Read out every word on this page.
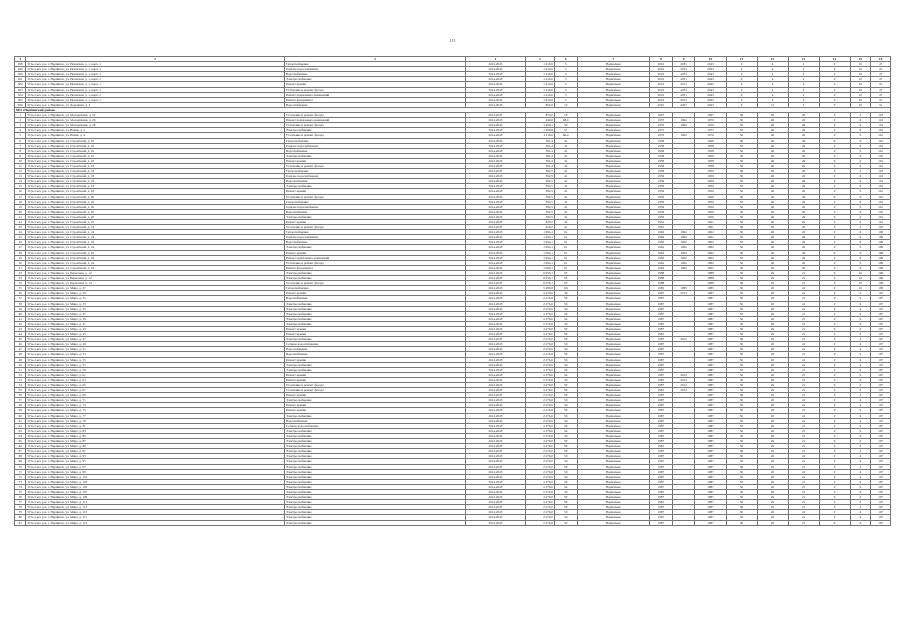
113
1	2	3	4	5	6	7	8	9	10	11	12	13	14	15	16
298	Усть-Сыл. р-н, г. Нерпинск, ул. Рязанская, д. 1, корп. 1	Теплоснабжение	2014-2043	1 619,0	3	Нормально	2016	2031	2043	0	4	2	0	10	47
299	Усть-Сыл. р-н, г. Нерпинск, ул. Рязанская, д. 1, корп. 1	Горячее водоснабжение	2014-2043	1 619,0	3	Нормально	2016	2031	2043	0	4	2	0	10	47
300	Усть-Сыл. р-н, г. Нерпинск, ул. Рязанская, д. 1, корп. 1	Водоснабжение	2014-2043	1 619,0	3	Нормально	2016	2031	2043	0	4	2	0	10	47
301	Усть-Сыл. р-н, г. Нерпинск, ул. Рязанская, д. 1, корп. 1	Электроснабжение	2014-2043	1 619,0	3	Нормально	2016	2031	2043	0	4	2	0	10	47
302	Усть-Сыл. р-н, г. Нерпинск, ул. Рязанская, д. 1, корп. 1	Ремонт крыши	2014-2043	1 619,0	3	Нормально	2016	2031	2043	0	4	2	0	10	47
303	Усть-Сыл. р-н, г. Нерпинск, ул. Рязанская, д. 1, корп. 1	Утепление и ремонт фасада	2014-2043	1 619,0	3	Нормально	2016	2031	2043	0	4	2	0	10	47
304	Усть-Сыл. р-н, г. Нерпинск, ул. Рязанская, д. 1, корп. 1	Ремонт подвальных помещений	2014-2043	1 619,0	3	Нормально	2016	2031	2043	0	4	2	0	10	47
305	Усть-Сыл. р-н, г. Нерпинск, ул. Рязанская, д. 1, корп. 1	Ремонт фундамента	2014-2043	1 619,0	3	Нормально	2016	2031	2043	0	4	2	0	10	47
306	Усть-Сыл. р-н, г. Нерпинск, ул. Дорожная, д. 4	Водоснабжение	2014-2043	862,6	10	Нормально	2001	2007	2043	0	12	1	0	10	31
МО «Нерпинский район»															
1	Усть-Сыл. р-н, г. Нерпинск, ул. Молодёжная, д. 24	Утепление и ремонт фасада	2014-2043	870,0	18	Нормально	1967		1967	50	40	26	0	0	116
2	Усть-Сыл. р-н, г. Нерпинск, ул. Молодёжная, д. 26	Ремонт подвальных помещений	2014-2043	440,0	68,4	Нормально	1970	1962	1970	50	40	26	0	0	116
3	Усть-Сыл. р-н, г. Нерпинск, ул. Молодёжная, д. 28	Утепление и ремонт фасада	2014-2043	1 460,1	50	Нормально	1970	1962	1970	50	40	26	0	0	116
4	Усть-Сыл. р-н, г. Нерпинск, ул. Новая, д. 2	Электроснабжение	2014-2043	1 000,8	57	Нормально	1975		1975	50	40	26	0	0	116
5	Усть-Сыл. р-н, г. Нерпинск, ул. Новая, д. 4	Утепление и ремонт фасада	2014-2043	1 118,0	66,4	Нормально	1976	1962	1976	50	40	26	0	0	116
6	Усть-Сыл. р-н, г. Нерпинск, ул. Строителей, д. 16	Теплоснабжение	2014-2043	391,4	41	Нормально	1958		1958	50	40	26	0	0	116
7	Усть-Сыл. р-н, г. Нерпинск, ул. Строителей, д. 16	Горячее водоснабжение	2014-2043	391,4	41	Нормально	1958		1958	50	40	26	0	0	116
8	Усть-Сыл. р-н, г. Нерпинск, ул. Строителей, д. 16	Водоснабжение	2014-2043	391,4	41	Нормально	1958		1958	50	40	26	0	0	116
9	Усть-Сыл. р-н, г. Нерпинск, ул. Строителей, д. 16	Электроснабжение	2014-2043	391,4	41	Нормально	1958		1958	50	40	26	0	0	116
10	Усть-Сыл. р-н, г. Нерпинск, ул. Строителей, д. 16	Ремонт крыши	2014-2043	391,4	41	Нормально	1958		1958	50	40	26	0	0	116
11	Усть-Сыл. р-н, г. Нерпинск, ул. Строителей, д. 18	Утепление и ремонт фасада	2014-2043	391,4	41	Нормально	1958		1958	50	40	26	0	0	116
12	Усть-Сыл. р-н, г. Нерпинск, ул. Строителей, д. 18	Теплоснабжение	2014-2043	392,5	41	Нормально	1959		1959	50	40	26	0	0	116
13	Усть-Сыл. р-н, г. Нерпинск, ул. Строителей, д. 18	Горячее водоснабжение	2014-2043	392,5	41	Нормально	1959		1959	50	40	26	0	0	116
14	Усть-Сыл. р-н, г. Нерпинск, ул. Строителей, д. 18	Водоснабжение	2014-2043	392,5	41	Нормально	1959		1959	50	40	26	0	0	116
15	Усть-Сыл. р-н, г. Нерпинск, ул. Строителей, д. 18	Электроснабжение	2014-2043	392,5	41	Нормально	1959		1959	50	40	26	0	0	116
16	Усть-Сыл. р-н, г. Нерпинск, ул. Строителей, д. 18	Ремонт крыши	2014-2043	392,5	41	Нормально	1959		1959	50	40	26	0	0	116
17	Усть-Сыл. р-н, г. Нерпинск, ул. Строителей, д. 20	Утепление и ремонт фасада	2014-2043	392,5	41	Нормально	1959		1959	50	40	26	0	0	116
18	Усть-Сыл. р-н, г. Нерпинск, ул. Строителей, д. 20	Теплоснабжение	2014-2043	392,5	41	Нормально	1959		1959	50	40	26	0	0	116
19	Усть-Сыл. р-н, г. Нерпинск, ул. Строителей, д. 20	Горячее водоснабжение	2014-2043	392,5	41	Нормально	1959		1959	50	40	26	0	0	116
20	Усть-Сыл. р-н, г. Нерпинск, ул. Строителей, д. 20	Водоснабжение	2014-2043	392,5	41	Нормально	1959		1959	50	40	26	0	0	116
21	Усть-Сыл. р-н, г. Нерпинск, ул. Строителей, д. 20	Электроснабжение	2014-2043	392,5	41	Нормально	1959		1959	50	40	26	0	0	116
22	Усть-Сыл. р-н, г. Нерпинск, ул. Строителей, д. 22	Ремонт крыши	2014-2043	620,2	41	Нормально	1961		1961	50	40	26	0	0	116
23	Усть-Сыл. р-н, г. Нерпинск, ул. Строителей, д. 22	Утепление и ремонт фасада	2014-2043	620,2	41	Нормально	1961		1961	50	40	26	0	0	116
24	Усть-Сыл. р-н, г. Нерпинск, ул. Строителей, д. 24	Теплоснабжение	2014-2043	1 094,1	61	Нормально	1962	1962	1962	50	40	26	0	0	109
25	Усть-Сыл. р-н, г. Нерпинск, ул. Строителей, д. 24	Горячее водоснабжение	2014-2043	1 094,1	61	Нормально	1962	1962	1962	50	40	26	0	0	109
26	Усть-Сыл. р-н, г. Нерпинск, ул. Строителей, д. 24	Водоснабжение	2014-2043	1 094,1	61	Нормально	1962	1962	1962	50	40	26	0	0	109
27	Усть-Сыл. р-н, г. Нерпинск, ул. Строителей, д. 24	Электроснабжение	2014-2043	1 094,1	61	Нормально	1962	1962	1962	50	40	26	0	0	109
28	Усть-Сыл. р-н, г. Нерпинск, ул. Строителей, д. 24	Ремонт крыши	2014-2043	1 094,1	61	Нормально	1962	1962	1962	50	40	26	0	0	109
29	Усть-Сыл. р-н, г. Нерпинск, ул. Строителей, д. 24	Ремонт подвальных помещений	2014-2043	1 094,1	61	Нормально	1962	1962	1962	50	40	26	0	0	109
30	Усть-Сыл. р-н, г. Нерпинск, ул. Строителей, д. 24	Утепление и ремонт фасада	2014-2043	1 094,1	61	Нормально	1962	1962	1962	50	40	26	0	0	109
31	Усть-Сыл. р-н, г. Нерпинск, ул. Строителей, д. 24	Ремонт фундамента	2014-2043	1 094,1	61	Нормально	1962	1962	1962	50	40	26	0	0	109
32	Усть-Сыл. р-н, г. Нерпинск, ул. Береговая, д. 12	Электроснабжение	2014-2043	6 056,1	65	Нормально	1988		1988	50	26	21	0	10	109
33	Усть-Сыл. р-н, г. Нерпинск, ул. Береговая, д. 12	Электроснабжение	2014-2043	6 056,1	65	Нормально	1988		1988	50	26	21	0	10	109
34	Усть-Сыл. р-н, г. Нерпинск, ул. Береговая, д. 14	Утепление и ремонт фасада	2014-2043	6 056,1	65	Нормально	1988		1988	50	26	21	0	10	109
35	Усть-Сыл. р-н, г. Нерпинск, ул. Мира, д. 27	Теплоснабжение	2014-2043	5 489,0	101	Нормально	1985	1985	1985	50	26	21	0	10	109
36	Усть-Сыл. р-н, г. Нерпинск, ул. Мира, д. 29	Ремонт крыши	2014-2043	2 276,0	50	Нормально	1987	2013	1987	50	26	21	0	6	107
37	Усть-Сыл. р-н, г. Нерпинск, ул. Мира, д. 31	Водоснабжение	2014-2043	2 276,0	50	Нормально	1987		1987	50	26	21	0	6	107
38	Усть-Сыл. р-н, г. Нерпинск, ул. Мира, д. 33	Электроснабжение	2014-2043	2 276,0	50	Нормально	1987		1987	50	26	21	0	6	107
39	Усть-Сыл. р-н, г. Нерпинск, ул. Мира, д. 35	Электроснабжение	2014-2043	2 276,0	50	Нормально	1987		1987	50	26	21	0	6	107
40	Усть-Сыл. р-н, г. Нерпинск, ул. Мира, д. 37	Электроснабжение	2014-2043	2 276,0	50	Нормально	1987		1987	50	26	21	0	6	107
41	Усть-Сыл. р-н, г. Нерпинск, ул. Мира, д. 39	Электроснабжение	2014-2043	2 276,0	50	Нормально	1987		1987	50	26	21	0	6	107
42	Усть-Сыл. р-н, г. Нерпинск, ул. Мира, д. 41	Электроснабжение	2014-2043	2 276,0	50	Нормально	1987		1987	50	26	21	0	6	107
43	Усть-Сыл. р-н, г. Нерпинск, ул. Мира, д. 43	Ремонт крыши	2014-2043	2 276,0	50	Нормально	1987		1987	50	26	21	0	6	107
44	Усть-Сыл. р-н, г. Нерпинск, ул. Мира, д. 45	Ремонт крыши	2014-2043	2 276,0	50	Нормально	1987		1987	50	26	21	0	6	107
45	Усть-Сыл. р-н, г. Нерпинск, ул. Мира, д. 47	Электроснабжение	2014-2043	2 276,0	50	Нормально	1987	2012	1987	50	26	21	0	6	107
46	Усть-Сыл. р-н, г. Нерпинск, ул. Мира, д. 49	Сетевое водоснабжение	2014-2043	2 276,0	50	Нормально	1987		1987	50	26	21	0	6	107
47	Усть-Сыл. р-н, г. Нерпинск, ул. Мира, д. 51	Водоснабжение	2014-2043	2 276,0	50	Нормально	1987		1987	50	26	21	0	6	107
48	Усть-Сыл. р-н, г. Нерпинск, ул. Мира, д. 53	Водоснабжение	2014-2043	2 276,0	50	Нормально	1987		1987	50	26	21	0	6	107
49	Усть-Сыл. р-н, г. Нерпинск, ул. Мира, д. 55	Ремонт крыши	2014-2043	2 276,0	50	Нормально	1987		1987	50	26	21	0	6	107
50	Усть-Сыл. р-н, г. Нерпинск, ул. Мира, д. 57	Электроснабжение	2014-2043	2 276,0	50	Нормально	1987		1987	50	26	21	0	6	107
51	Усть-Сыл. р-н, г. Нерпинск, ул. Мира, д. 59	Электроснабжение	2014-2043	2 276,0	50	Нормально	1987		1987	50	26	21	0	6	107
52	Усть-Сыл. р-н, г. Нерпинск, ул. Мира, д. 61	Ремонт крыши	2014-2043	2 276,0	50	Нормально	1987	2012	1987	50	26	21	0	6	107
53	Усть-Сыл. р-н, г. Нерпинск, ул. Мира, д. 63	Ремонт крыши	2014-2043	2 276,0	50	Нормально	1987	2012	1987	50	26	21	0	6	107
54	Усть-Сыл. р-н, г. Нерпинск, ул. Мира, д. 65	Утепление и ремонт фасада	2014-2043	2 276,0	50	Нормально	1987	2012	1987	50	26	21	0	6	107
55	Усть-Сыл. р-н, г. Нерпинск, ул. Мира, д. 67	Утепление и ремонт фасада	2014-2043	2 276,0	50	Нормально	1987	2012	1987	50	26	21	0	6	107
56	Усть-Сыл. р-н, г. Нерпинск, ул. Мира, д. 69	Ремонт крыши	2014-2043	2 276,0	50	Нормально	1987		1987	50	26	21	0	6	107
57	Усть-Сыл. р-н, г. Нерпинск, ул. Мира, д. 71	Электроснабжение	2014-2043	2 276,0	50	Нормально	1987		1987	50	26	21	0	6	107
58	Усть-Сыл. р-н, г. Нерпинск, ул. Мира, д. 73	Ремонт крыши	2014-2043	2 276,0	50	Нормально	1987		1987	50	26	21	0	6	107
59	Усть-Сыл. р-н, г. Нерпинск, ул. Мира, д. 75	Ремонт крыши	2014-2043	2 276,0	50	Нормально	1987		1987	50	26	21	0	6	107
60	Усть-Сыл. р-н, г. Нерпинск, ул. Мира, д. 77	Электроснабжение	2014-2043	2 276,0	50	Нормально	1987		1987	50	26	21	0	6	107
61	Усть-Сыл. р-н, г. Нерпинск, ул. Мира, д. 79	Водоснабжение	2014-2043	2 276,0	50	Нормально	1987		1987	50	26	21	0	6	107
62	Усть-Сыл. р-н, г. Нерпинск, ул. Мира, д. 81	Сетевое водоснабжение	2014-2043	2 276,0	50	Нормально	1987		1987	50	26	21	0	6	107
63	Усть-Сыл. р-н, г. Нерпинск, ул. Мира, д. 83	Электроснабжение	2014-2043	2 276,0	50	Нормально	1987		1987	50	26	21	0	6	107
64	Усть-Сыл. р-н, г. Нерпинск, ул. Мира, д. 85	Электроснабжение	2014-2043	2 276,0	50	Нормально	1987		1987	50	26	21	0	6	107
65	Усть-Сыл. р-н, г. Нерпинск, ул. Мира, д. 87	Электроснабжение	2014-2043	2 276,0	50	Нормально	1987		1987	50	26	21	0	6	107
66	Усть-Сыл. р-н, г. Нерпинск, ул. Мира, д. 89	Электроснабжение	2014-2043	2 276,0	50	Нормально	1987		1987	50	26	21	0	6	107
67	Усть-Сыл. р-н, г. Нерпинск, ул. Мира, д. 91	Электроснабжение	2014-2043	2 276,0	50	Нормально	1987		1987	50	26	21	0	6	107
68	Усть-Сыл. р-н, г. Нерпинск, ул. Мира, д. 93	Электроснабжение	2014-2043	2 276,0	50	Нормально	1987		1987	50	26	21	0	6	107
69	Усть-Сыл. р-н, г. Нерпинск, ул. Мира, д. 95	Электроснабжение	2014-2043	2 276,0	50	Нормально	1987		1987	50	26	21	0	6	107
70	Усть-Сыл. р-н, г. Нерпинск, ул. Мира, д. 97	Электроснабжение	2014-2043	2 276,0	50	Нормально	1987		1987	50	26	21	0	6	107
71	Усть-Сыл. р-н, г. Нерпинск, ул. Мира, д. 99	Электроснабжение	2014-2043	2 276,0	50	Нормально	1987		1987	50	26	21	0	6	107
72	Усть-Сыл. р-н, г. Нерпинск, ул. Мира, д. 101	Электроснабжение	2014-2043	2 276,0	50	Нормально	1987		1987	50	26	21	0	6	107
73	Усть-Сыл. р-н, г. Нерпинск, ул. Мира, д. 103	Электроснабжение	2014-2043	2 276,0	50	Нормально	1987		1987	50	26	21	0	6	107
74	Усть-Сыл. р-н, г. Нерпинск, ул. Мира, д. 105	Электроснабжение	2014-2043	2 276,0	50	Нормально	1987		1987	50	26	21	0	6	107
75	Усть-Сыл. р-н, г. Нерпинск, ул. Мира, д. 107	Электроснабжение	2014-2043	2 276,0	50	Нормально	1987		1987	50	26	21	0	6	107
76	Усть-Сыл. р-н, г. Нерпинск, ул. Мира, д. 109	Электроснабжение	2014-2043	2 276,0	50	Нормально	1987		1987	50	26	21	0	6	107
77	Усть-Сыл. р-н, г. Нерпинск, ул. Мира, д. 111	Электроснабжение	2014-2043	2 276,0	50	Нормально	1987		1987	50	26	21	0	6	107
78	Усть-Сыл. р-н, г. Нерпинск, ул. Мира, д. 113	Электроснабжение	2014-2043	2 276,0	50	Нормально	1987		1987	50	26	21	0	6	107
79	Усть-Сыл. р-н, г. Нерпинск, ул. Мира, д. 115	Электроснабжение	2014-2043	2 276,0	50	Нормально	1987		1987	50	26	21	0	6	107
80	Усть-Сыл. р-н, г. Нерпинск, ул. Мира, д. 117	Электроснабжение	2014-2043	2 276,0	50	Нормально	1987		1987	50	26	21	0	6	107
81	Усть-Сыл. р-н, г. Нерпинск, ул. Мира, д. 119	Электроснабжение	2014-2043	2 276,0	50	Нормально	1987		1987	50	26	21	0	6	107
